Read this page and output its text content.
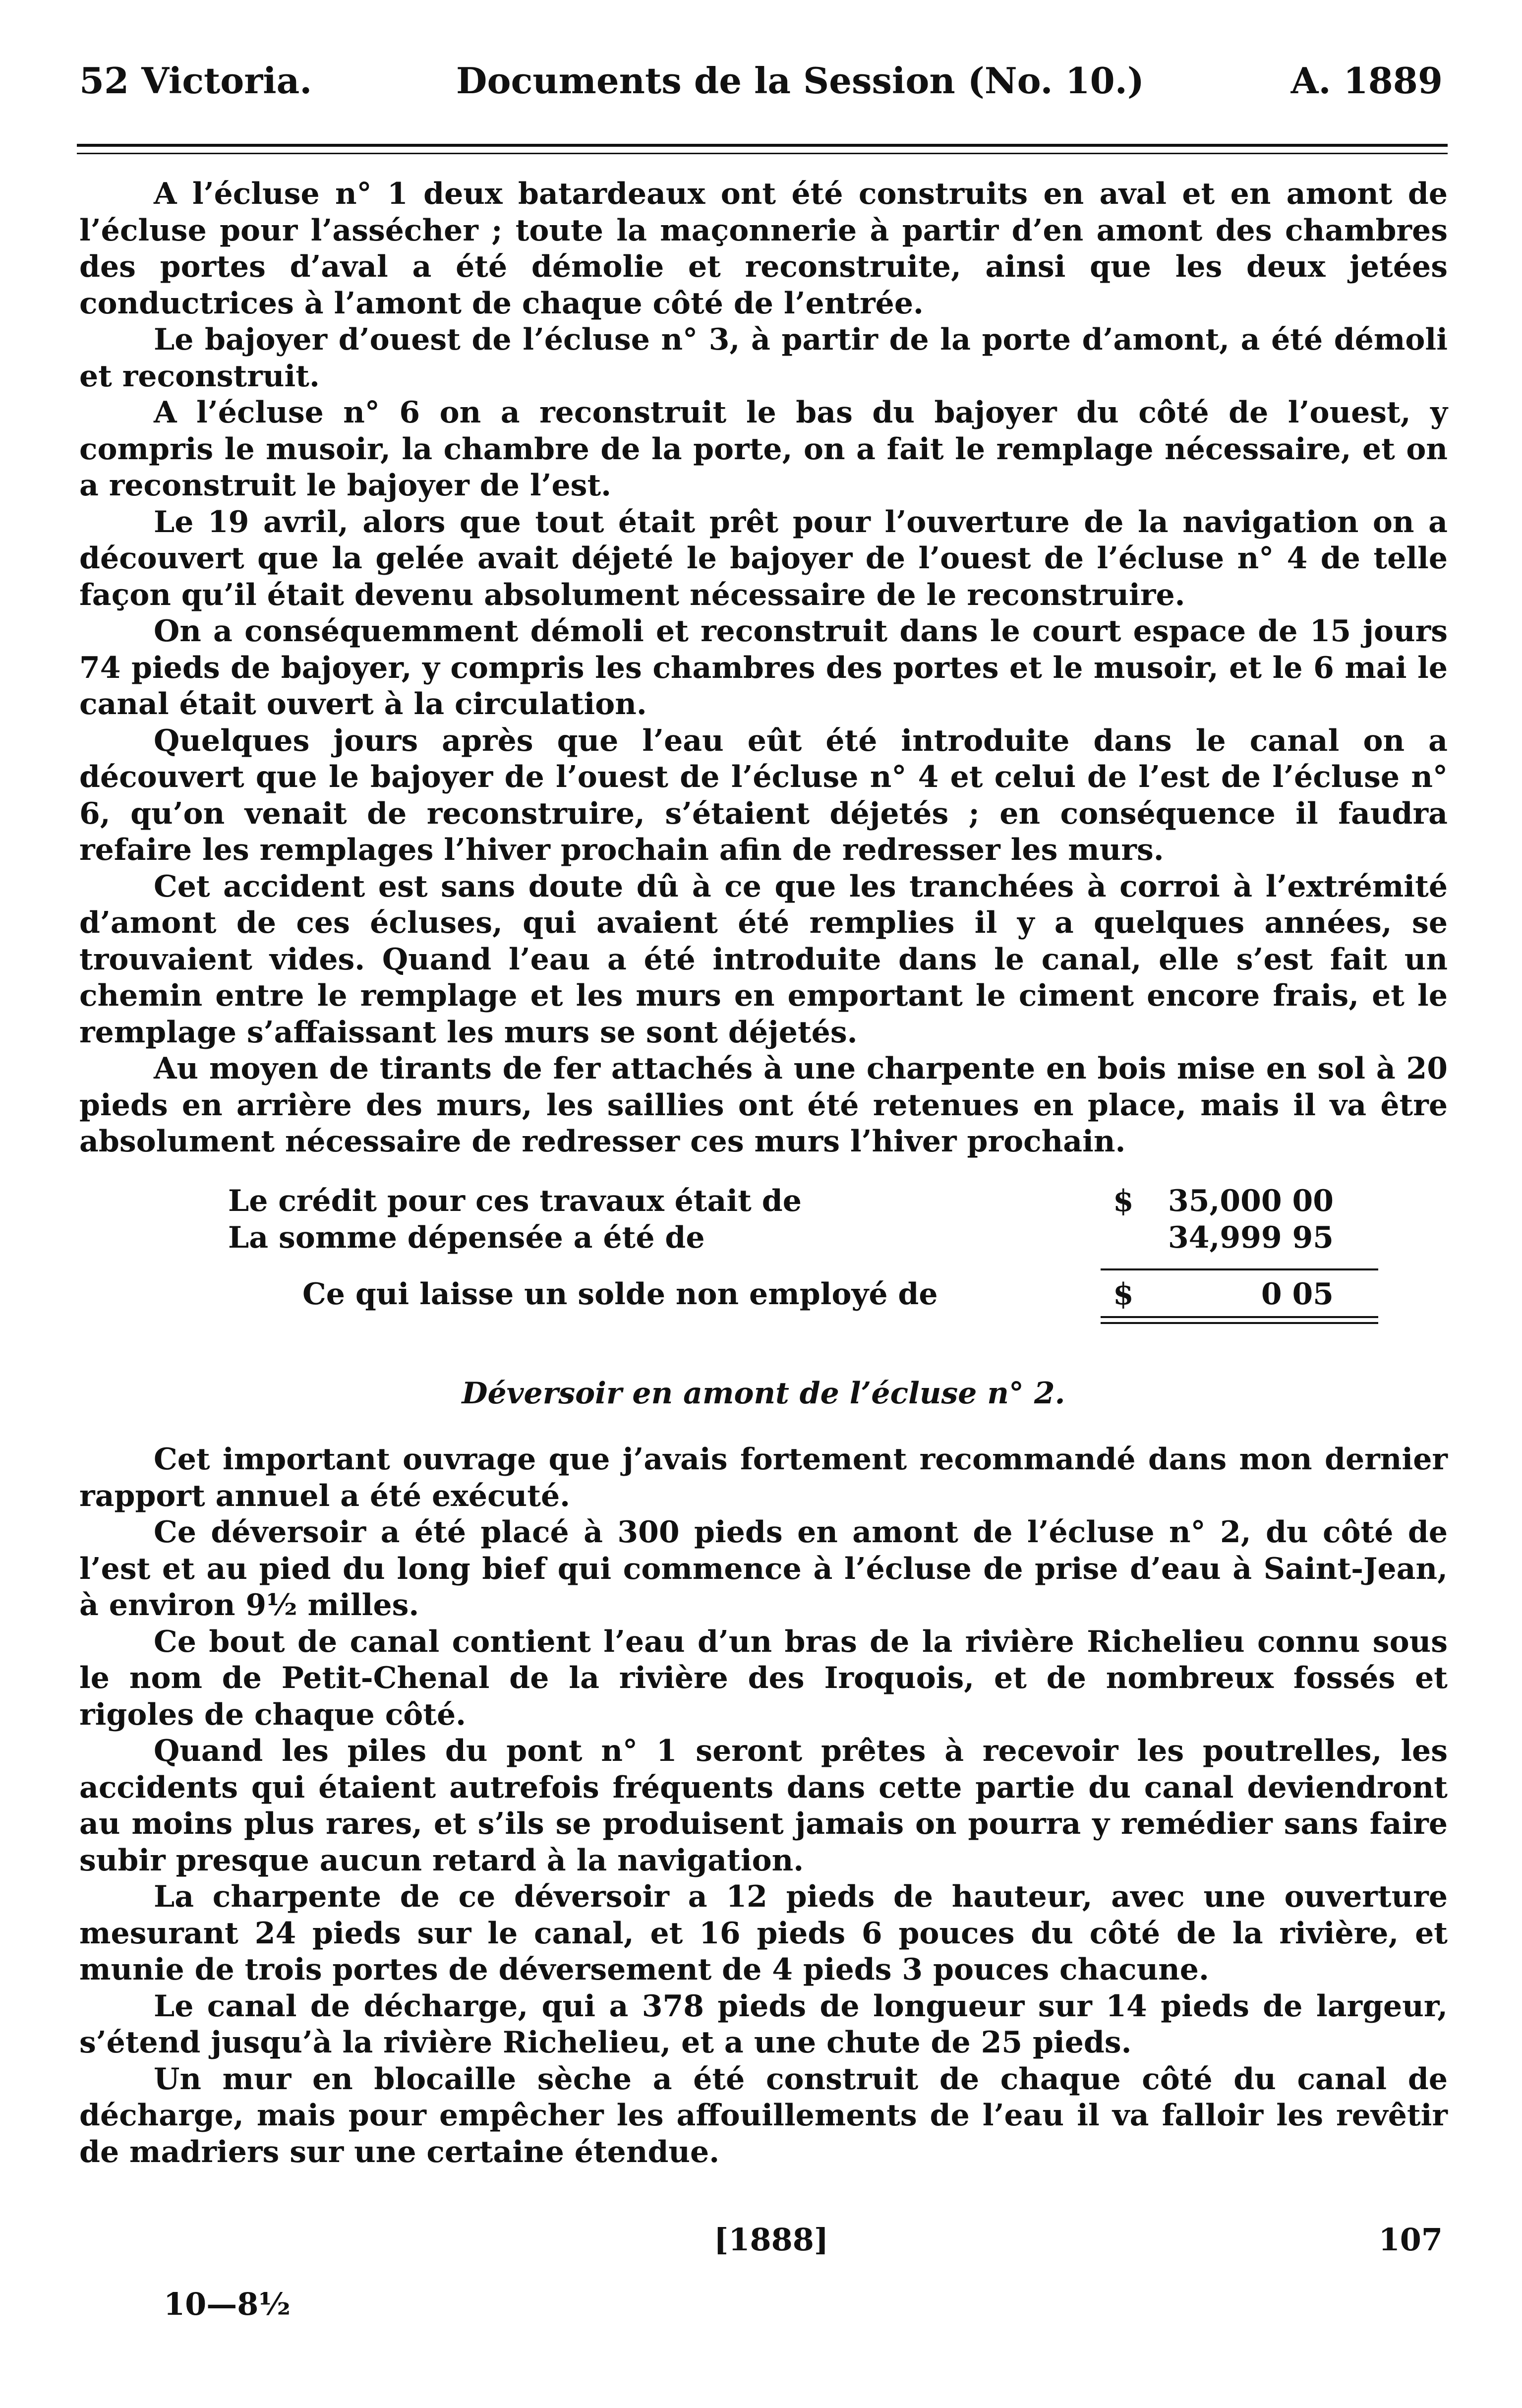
52 Victoria.	Documents de la Session (No. 10.)	A. 1889

A l’écluse n° 1 deux batardeaux ont été construits en aval et en amont de l’écluse pour l’assécher ; toute la maçonnerie à partir d’en amont des chambres des portes d’aval a été démolie et reconstruite, ainsi que les deux jetées conductrices à l’amont de chaque côté de l’entrée.

Le bajoyer d’ouest de l’écluse n° 3, à partir de la porte d’amont, a été démoli et reconstruit.

A l’écluse n° 6 on a reconstruit le bas du bajoyer du côté de l’ouest, y compris le musoir, la chambre de la porte, on a fait le remplage nécessaire, et on a reconstruit le bajoyer de l’est.

Le 19 avril, alors que tout était prêt pour l’ouverture de la navigation on a découvert que la gelée avait déjeté le bajoyer de l’ouest de l’écluse n° 4 de telle façon qu’il était devenu absolument nécessaire de le reconstruire.

On a conséquemment démoli et reconstruit dans le court espace de 15 jours 74 pieds de bajoyer, y compris les chambres des portes et le musoir, et le 6 mai le canal était ouvert à la circulation.

Quelques jours après que l’eau eût été introduite dans le canal on a découvert que le bajoyer de l’ouest de l’écluse n° 4 et celui de l’est de l’écluse n° 6, qu’on venait de reconstruire, s’étaient déjetés ; en conséquence il faudra refaire les remplages l’hiver prochain afin de redresser les murs.

Cet accident est sans doute dû à ce que les tranchées à corroi à l’extrémité d’amont de ces écluses, qui avaient été remplies il y a quelques années, se trouvaient vides. Quand l’eau a été introduite dans le canal, elle s’est fait un chemin entre le remplage et les murs en emportant le ciment encore frais, et le remplage s’affaissant les murs se sont déjetés.

Au moyen de tirants de fer attachés à une charpente en bois mise en sol à 20 pieds en arrière des murs, les saillies ont été retenues en place, mais il va être absolument nécessaire de redresser ces murs l’hiver prochain.

Le crédit pour ces travaux était de	$ 35,000 00
La somme dépensée a été de	34,999 95
Ce qui laisse un solde non employé de	$	0 05
Déversoir en amont de l’écluse n° 2.

Cet important ouvrage que j’avais fortement recommandé dans mon dernier rapport annuel a été exécuté.

Ce déversoir a été placé à 300 pieds en amont de l’écluse n° 2, du côté de l’est et au pied du long bief qui commence à l’écluse de prise d’eau à Saint-Jean, à environ 9½ milles.

Ce bout de canal contient l’eau d’un bras de la rivière Richelieu connu sous le nom de Petit-Chenal de la rivière des Iroquois, et de nombreux fossés et rigoles de chaque côté.

Quand les piles du pont n° 1 seront prêtes à recevoir les poutrelles, les accidents qui étaient autrefois fréquents dans cette partie du canal deviendront au moins plus rares, et s’ils se produisent jamais on pourra y remédier sans faire subir presque aucun retard à la navigation.

La charpente de ce déversoir a 12 pieds de hauteur, avec une ouverture mesurant 24 pieds sur le canal, et 16 pieds 6 pouces du côté de la rivière, et munie de trois portes de déversement de 4 pieds 3 pouces chacune.

Le canal de décharge, qui a 378 pieds de longueur sur 14 pieds de largeur, s’étend jusqu’à la rivière Richelieu, et a une chute de 25 pieds.

Un mur en blocaille sèche a été construit de chaque côté du canal de décharge, mais pour empêcher les affouillements de l’eau il va falloir les revêtir de madriers sur une certaine étendue.

[1888]	107
10—8½
